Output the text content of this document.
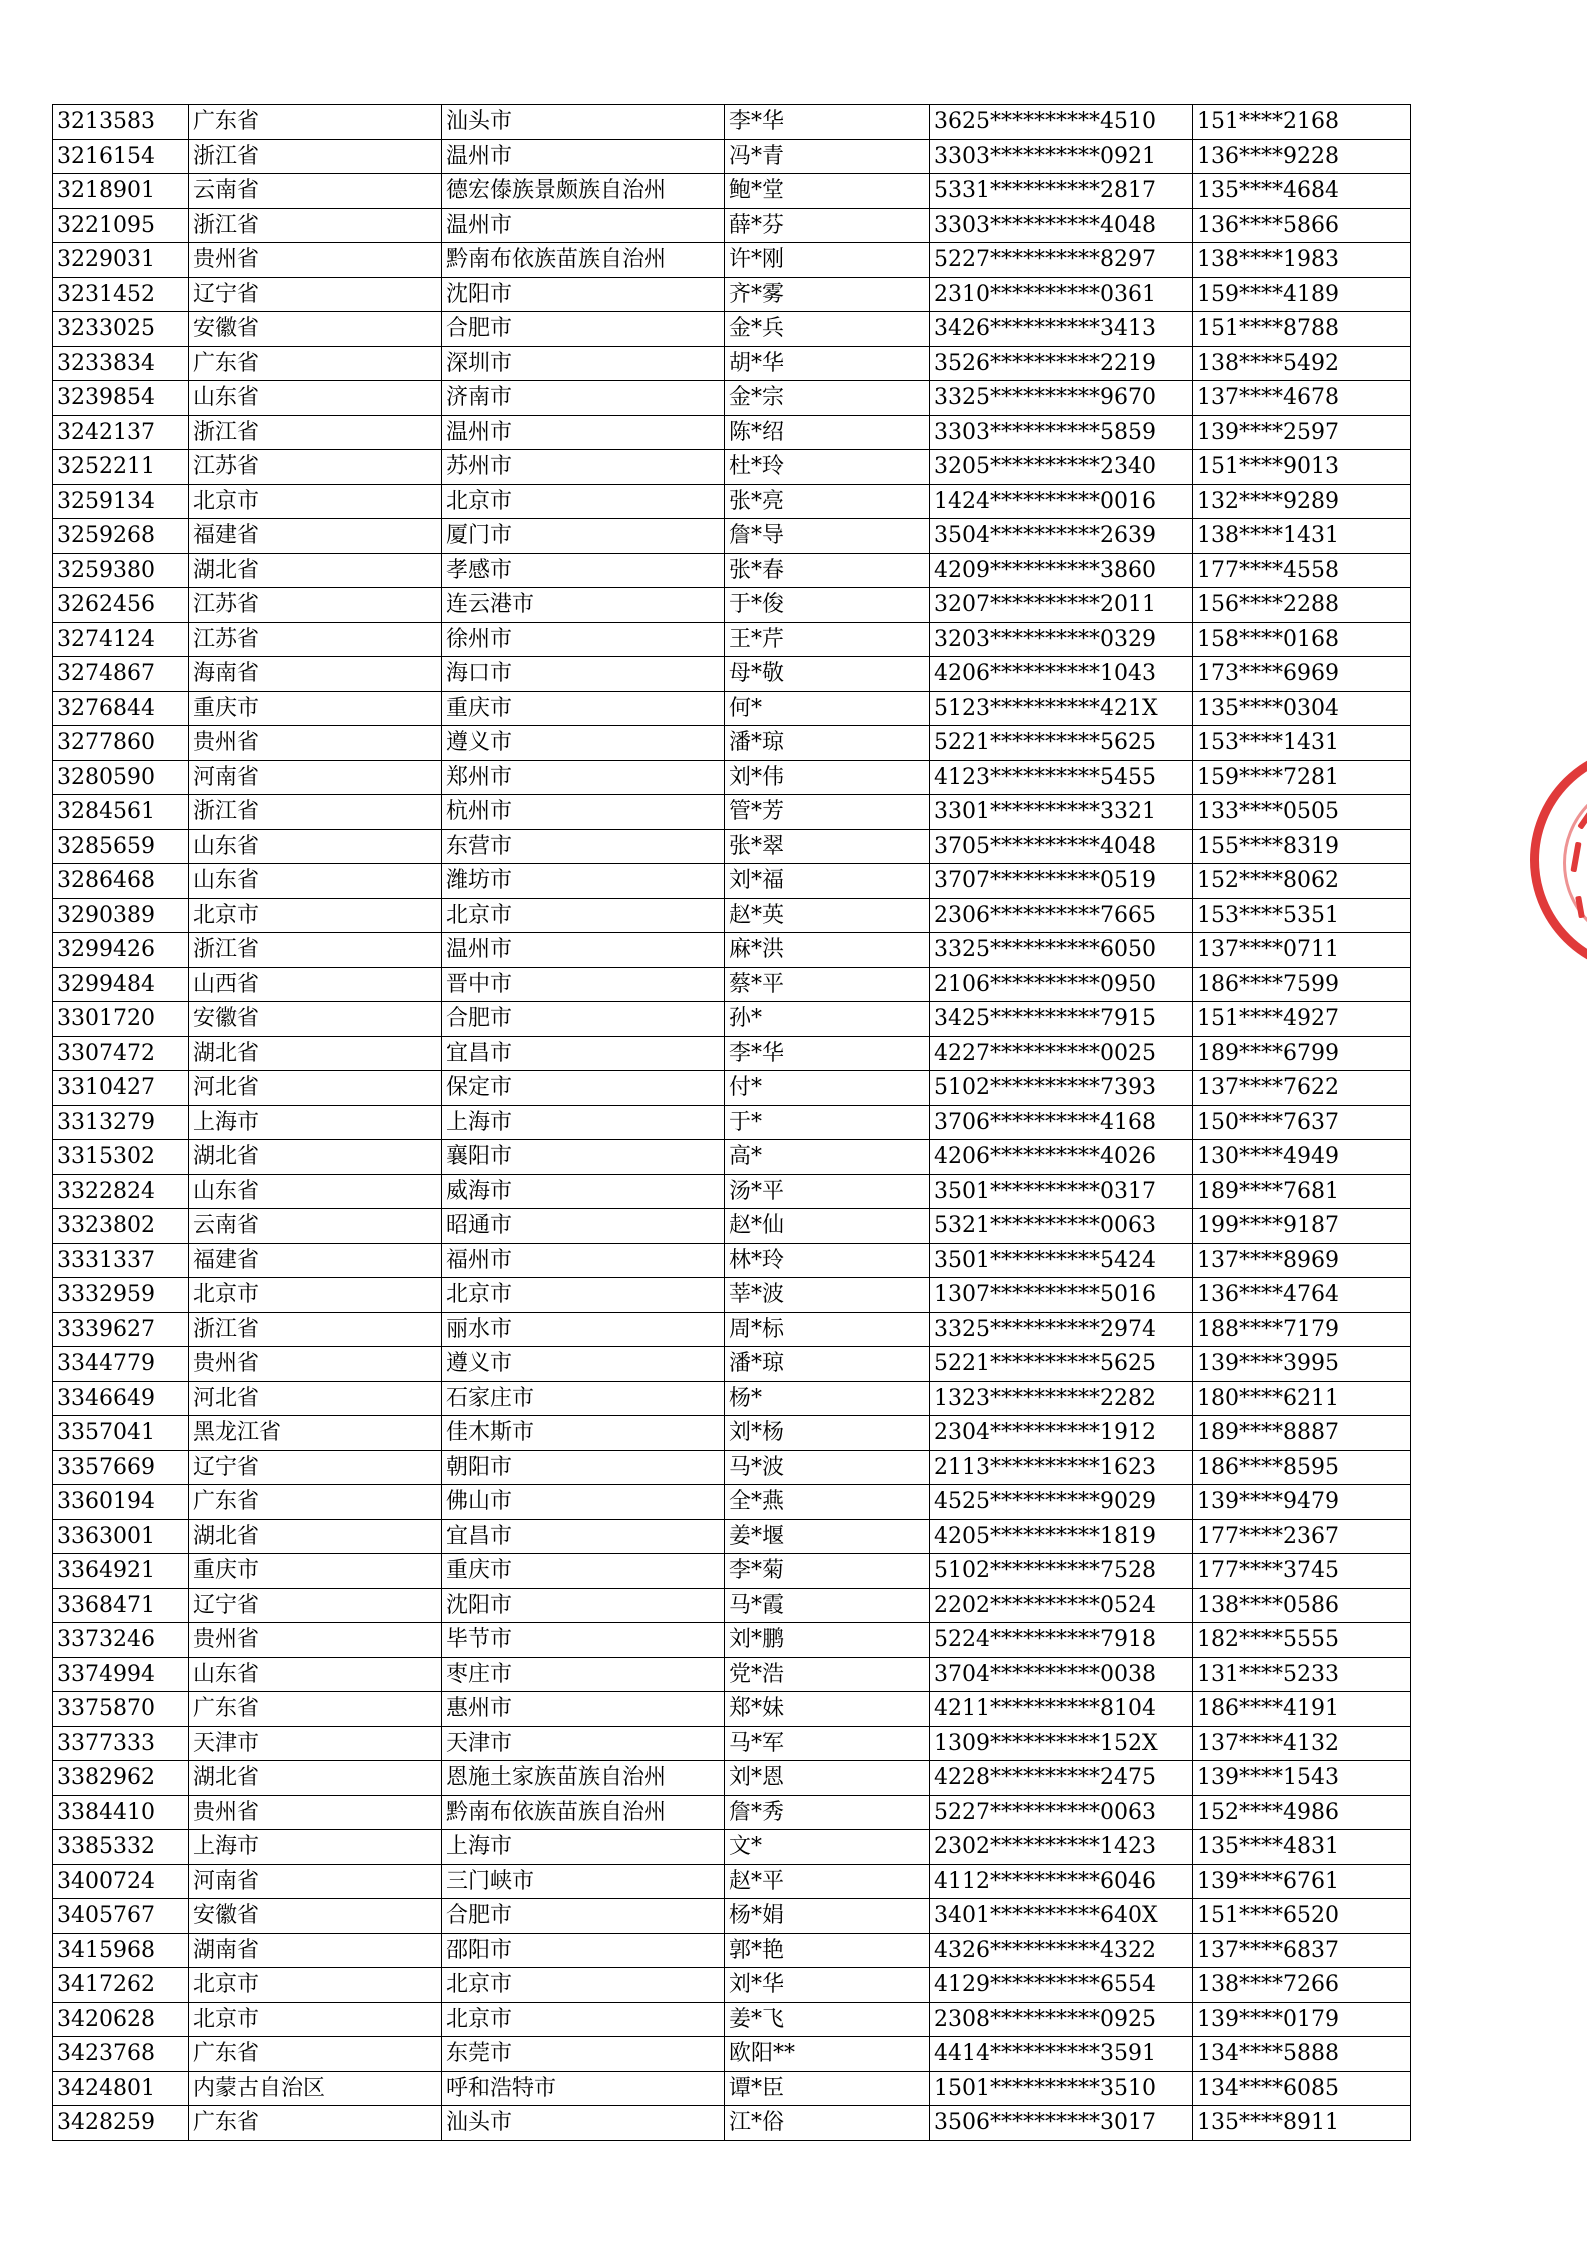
3213583	广东省	汕头市	李*华	3625**********4510	151****2168
3216154	浙江省	温州市	冯*青	3303**********0921	136****9228
3218901	云南省	德宏傣族景颇族自治州	鲍*堂	5331**********2817	135****4684
3221095	浙江省	温州市	薛*芬	3303**********4048	136****5866
3229031	贵州省	黔南布依族苗族自治州	许*刚	5227**********8297	138****1983
3231452	辽宁省	沈阳市	齐*雾	2310**********0361	159****4189
3233025	安徽省	合肥市	金*兵	3426**********3413	151****8788
3233834	广东省	深圳市	胡*华	3526**********2219	138****5492
3239854	山东省	济南市	金*宗	3325**********9670	137****4678
3242137	浙江省	温州市	陈*绍	3303**********5859	139****2597
3252211	江苏省	苏州市	杜*玲	3205**********2340	151****9013
3259134	北京市	北京市	张*亮	1424**********0016	132****9289
3259268	福建省	厦门市	詹*导	3504**********2639	138****1431
3259380	湖北省	孝感市	张*春	4209**********3860	177****4558
3262456	江苏省	连云港市	于*俊	3207**********2011	156****2288
3274124	江苏省	徐州市	王*芹	3203**********0329	158****0168
3274867	海南省	海口市	母*敬	4206**********1043	173****6969
3276844	重庆市	重庆市	何*	5123**********421X	135****0304
3277860	贵州省	遵义市	潘*琼	5221**********5625	153****1431
3280590	河南省	郑州市	刘*伟	4123**********5455	159****7281
3284561	浙江省	杭州市	管*芳	3301**********3321	133****0505
3285659	山东省	东营市	张*翠	3705**********4048	155****8319
3286468	山东省	潍坊市	刘*福	3707**********0519	152****8062
3290389	北京市	北京市	赵*英	2306**********7665	153****5351
3299426	浙江省	温州市	麻*洪	3325**********6050	137****0711
3299484	山西省	晋中市	蔡*平	2106**********0950	186****7599
3301720	安徽省	合肥市	孙*	3425**********7915	151****4927
3307472	湖北省	宜昌市	李*华	4227**********0025	189****6799
3310427	河北省	保定市	付*	5102**********7393	137****7622
3313279	上海市	上海市	于*	3706**********4168	150****7637
3315302	湖北省	襄阳市	高*	4206**********4026	130****4949
3322824	山东省	威海市	汤*平	3501**********0317	189****7681
3323802	云南省	昭通市	赵*仙	5321**********0063	199****9187
3331337	福建省	福州市	林*玲	3501**********5424	137****8969
3332959	北京市	北京市	莘*波	1307**********5016	136****4764
3339627	浙江省	丽水市	周*标	3325**********2974	188****7179
3344779	贵州省	遵义市	潘*琼	5221**********5625	139****3995
3346649	河北省	石家庄市	杨*	1323**********2282	180****6211
3357041	黑龙江省	佳木斯市	刘*杨	2304**********1912	189****8887
3357669	辽宁省	朝阳市	马*波	2113**********1623	186****8595
3360194	广东省	佛山市	全*燕	4525**********9029	139****9479
3363001	湖北省	宜昌市	姜*堰	4205**********1819	177****2367
3364921	重庆市	重庆市	李*菊	5102**********7528	177****3745
3368471	辽宁省	沈阳市	马*霞	2202**********0524	138****0586
3373246	贵州省	毕节市	刘*鹏	5224**********7918	182****5555
3374994	山东省	枣庄市	党*浩	3704**********0038	131****5233
3375870	广东省	惠州市	郑*妹	4211**********8104	186****4191
3377333	天津市	天津市	马*军	1309**********152X	137****4132
3382962	湖北省	恩施土家族苗族自治州	刘*恩	4228**********2475	139****1543
3384410	贵州省	黔南布依族苗族自治州	詹*秀	5227**********0063	152****4986
3385332	上海市	上海市	文*	2302**********1423	135****4831
3400724	河南省	三门峡市	赵*平	4112**********6046	139****6761
3405767	安徽省	合肥市	杨*娟	3401**********640X	151****6520
3415968	湖南省	邵阳市	郭*艳	4326**********4322	137****6837
3417262	北京市	北京市	刘*华	4129**********6554	138****7266
3420628	北京市	北京市	姜*飞	2308**********0925	139****0179
3423768	广东省	东莞市	欧阳**	4414**********3591	134****5888
3424801	内蒙古自治区	呼和浩特市	谭*臣	1501**********3510	134****6085
3428259	广东省	汕头市	江*俗	3506**********3017	135****8911
